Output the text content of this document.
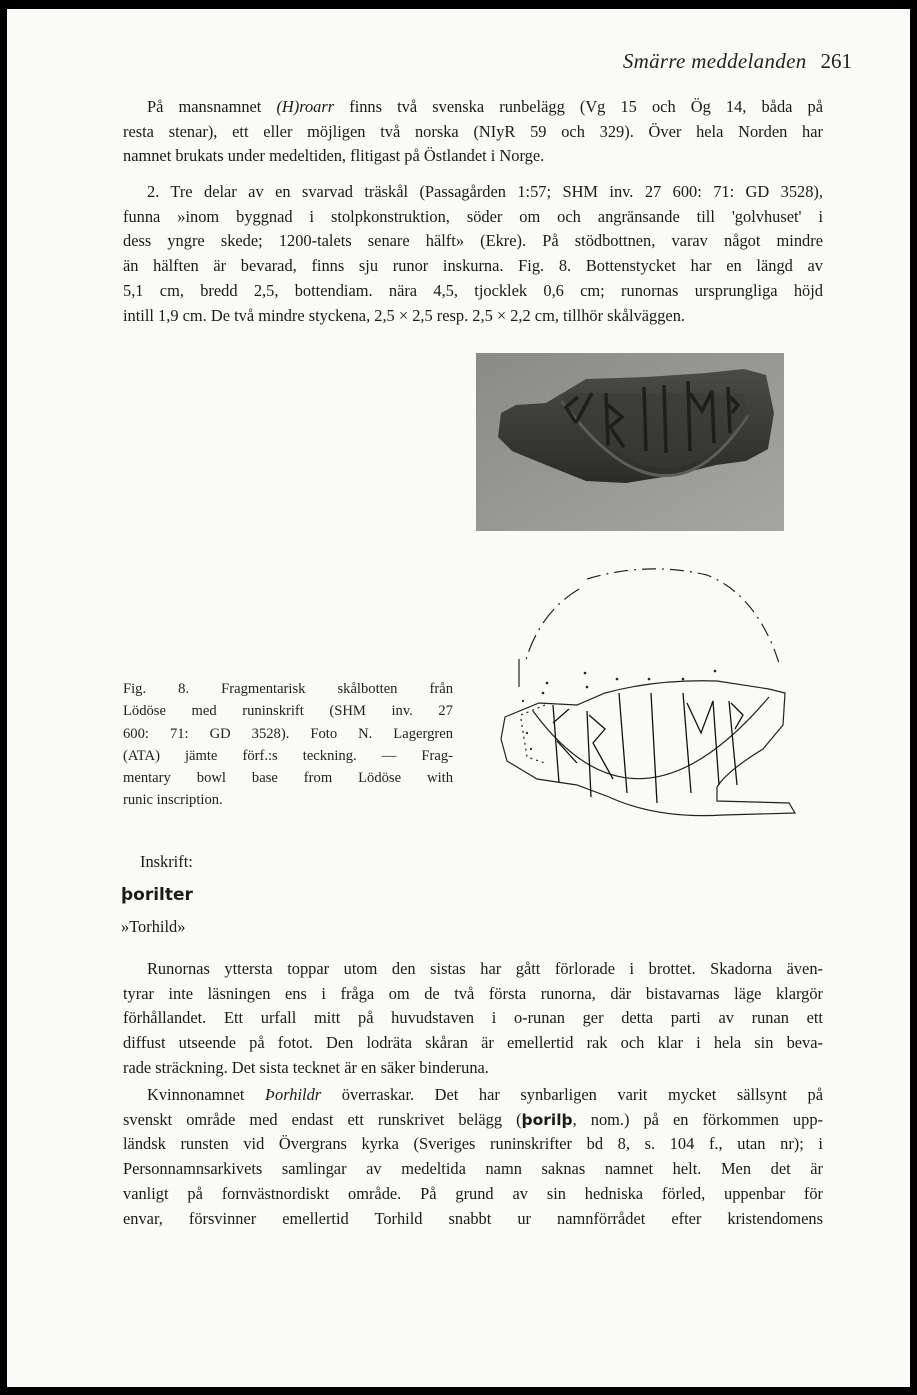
Smärre meddelanden 261
På mansnamnet (H)roarr finns två svenska runbelägg (Vg 15 och Ög 14, båda på
resta stenar), ett eller möjligen två norska (NIyR 59 och 329). Över hela Norden har
namnet brukats under medeltiden, flitigast på Östlandet i Norge.
2. Tre delar av en svarvad träskål (Passagården 1:57; SHM inv. 27 600: 71: GD 3528),
funna »inom byggnad i stolpkonstruktion, söder om och angränsande till 'golvhuset' i
dess yngre skede; 1200-talets senare hälft» (Ekre). På stödbottnen, varav något mindre
än hälften är bevarad, finns sju runor inskurna. Fig. 8. Bottenstycket har en längd av
5,1 cm, bredd 2,5, bottendiam. nära 4,5, tjocklek 0,6 cm; runornas ursprungliga höjd
intill 1,9 cm. De två mindre styckena, 2,5 × 2,5 resp. 2,5 × 2,2 cm, tillhör skålväggen.
Fig. 8. Fragmentarisk skålbotten från
Lödöse med runinskrift (SHM inv. 27
600: 71: GD 3528). Foto N. Lagergren
(ATA) jämte förf.:s teckning. — Frag-
mentary bowl base from Lödöse with
runic inscription.
Inskrift:
þorilter
»Torhild»
Runornas yttersta toppar utom den sistas har gått förlorade i brottet. Skadorna även-
tyrar inte läsningen ens i fråga om de två första runorna, där bistavarnas läge klargör
förhållandet. Ett urfall mitt på huvudstaven i o-runan ger detta parti av runan ett
diffust utseende på fotot. Den lodräta skåran är emellertid rak och klar i hela sin beva-
rade sträckning. Det sista tecknet är en säker binderuna.
Kvinnonamnet Þorhildr överraskar. Det har synbarligen varit mycket sällsynt på
svenskt område med endast ett runskrivet belägg (þorilþ, nom.) på en förkommen upp-
ländsk runsten vid Övergrans kyrka (Sveriges runinskrifter bd 8, s. 104 f., utan nr); i
Personnamnsarkivets samlingar av medeltida namn saknas namnet helt. Men det är
vanligt på fornvästnordiskt område. På grund av sin hedniska förled, uppenbar för
envar, försvinner emellertid Torhild snabbt ur namnförrådet efter kristendomens
